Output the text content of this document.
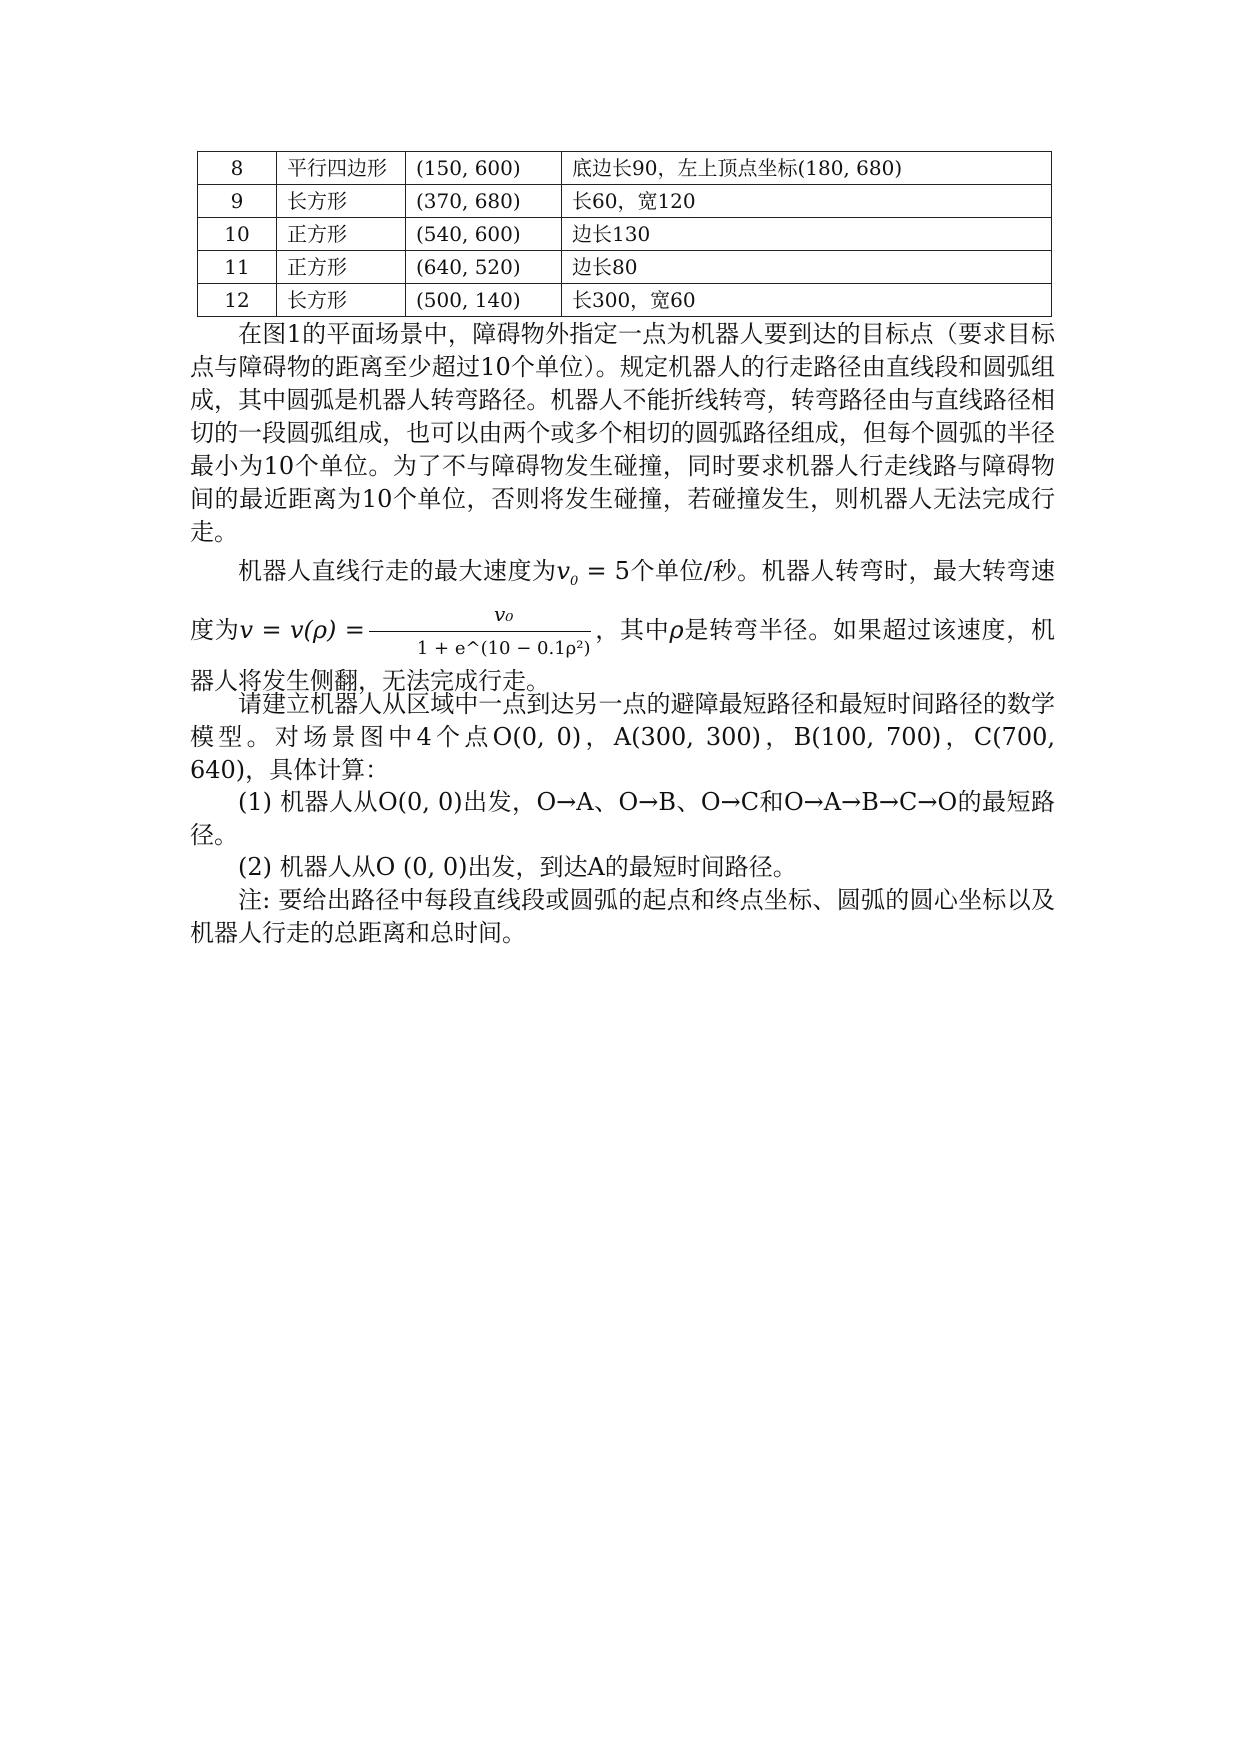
8	平行四边形	(150, 600)	底边长90，左上顶点坐标(180, 680)
9	长方形	(370, 680)	长60，宽120
10	正方形	(540, 600)	边长130
11	正方形	(640, 520)	边长80
12	长方形	(500, 140)	长300，宽60

在图1的平面场景中，障碍物外指定一点为机器人要到达的目标点（要求目标点与障碍物的距离至少超过10个单位）。规定机器人的行走路径由直线段和圆弧组成，其中圆弧是机器人转弯路径。机器人不能折线转弯，转弯路径由与直线路径相切的一段圆弧组成，也可以由两个或多个相切的圆弧路径组成，但每个圆弧的半径最小为10个单位。为了不与障碍物发生碰撞，同时要求机器人行走线路与障碍物间的最近距离为10个单位，否则将发生碰撞，若碰撞发生，则机器人无法完成行走。

机器人直线行走的最大速度为$v_0 = 5$个单位/秒。机器人转弯时，最大转弯速度为$v = v(\rho) = \frac{\text{v₀}}{\text{1 + e\textasciicircum{}(10 − 0.1ρ²)}}$ ，其中ρ是转弯半径。如果超过该速度，机器人将发生侧翻，无法完成行走。

请建立机器人从区域中一点到达另一点的避障最短路径和最短时间路径的数学模型。对场景图中4个点O(0, 0)，A(300, 300)，B(100, 700)，C(700, 640)，具体计算：

(1) 机器人从O(0, 0)出发，O→A、O→B、O→C和O→A→B→C→O的最短路径。

(2) 机器人从O (0, 0)出发，到达A的最短时间路径。

注: 要给出路径中每段直线段或圆弧的起点和终点坐标、圆弧的圆心坐标以及机器人行走的总距离和总时间。
